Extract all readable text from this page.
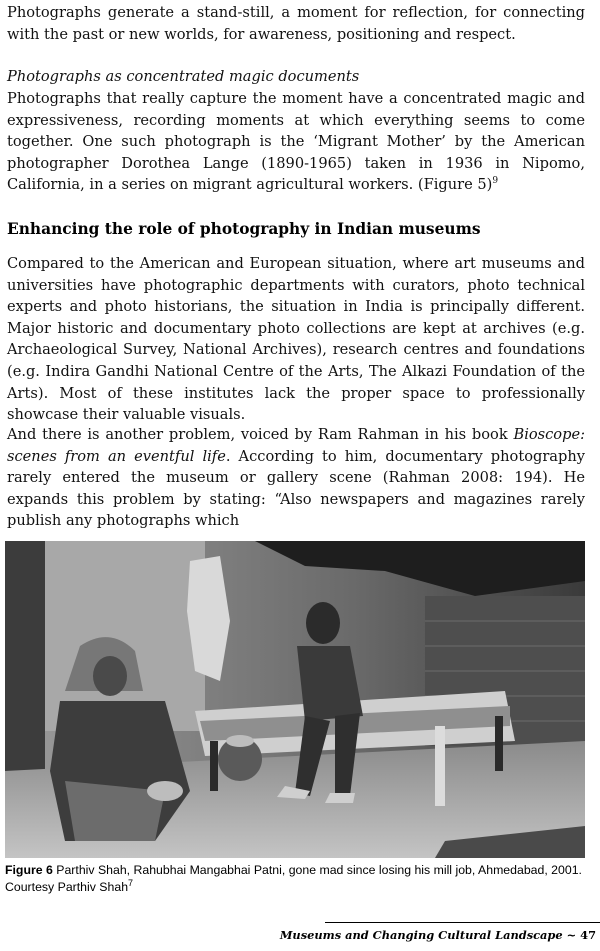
Photographs generate a stand-still, a moment for reflection, for connecting with the past or new worlds, for awareness, positioning and respect.

Photographs as concentrated magic documents

Photographs that really capture the moment have a concentrated magic and expressiveness, recording moments at which everything seems to come together. One such photograph is the ‘Migrant Mother’ by the American photographer Dorothea Lange (1890-1965) taken in 1936 in Nipomo, California, in a series on migrant agricultural workers. (Figure 5)$^9$

Enhancing the role of photography in Indian museums

Compared to the American and European situation, where art museums and universities have photographic departments with curators, photo technical experts and photo historians, the situation in India is principally different. Major historic and documentary photo collections are kept at archives (e.g. Archaeological Survey, National Archives), research centres and foundations (e.g. Indira Gandhi National Centre of the Arts, The Alkazi Foundation of the Arts). Most of these institutes lack the proper space to professionally showcase their valuable visuals.

And there is another problem, voiced by Ram Rahman in his book Bioscope: scenes from an eventful life. According to him, documentary photography rarely entered the museum or gallery scene (Rahman 2008: 194). He expands this problem by stating: “Also newspapers and magazines rarely publish any photographs which

Figure 6 Parthiv Shah, Rahubhai Mangabhai Patni, gone mad since losing his mill job, Ahmedabad, 2001. Courtesy Parthiv Shah$^7$
Museums and Changing Cultural Landscape ~ 47
